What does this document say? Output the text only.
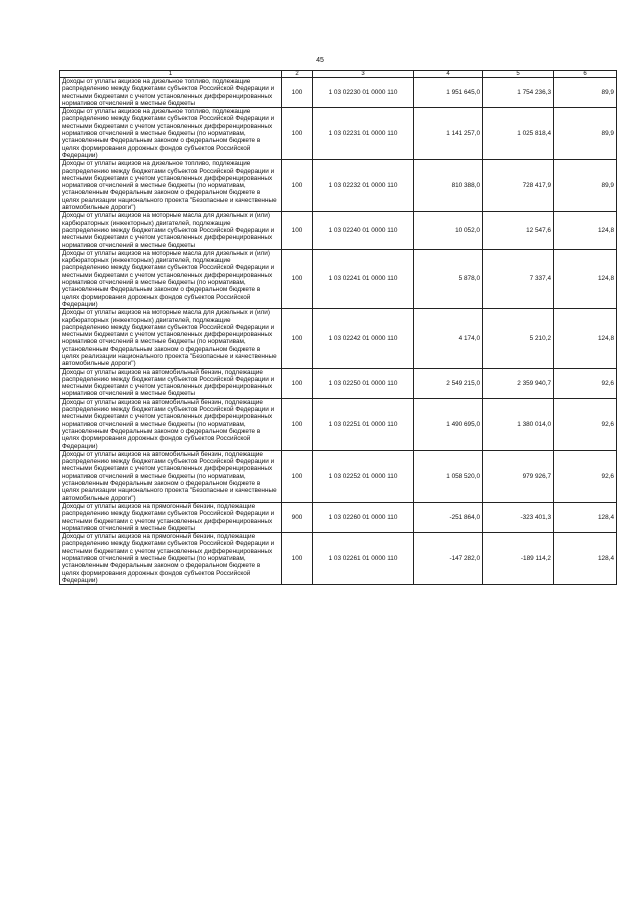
45
1	2	3	4	5	6
Доходы от уплаты акцизов на дизельное топливо, подлежащие распределению между бюджетами субъектов Российской Федерации и местными бюджетами с учетом установленных дифференцированных нормативов отчислений в местные бюджеты	100	1 03 02230 01 0000 110	1 951 645,0	1 754 236,3	89,9
Доходы от уплаты акцизов на дизельное топливо, подлежащие распределению между бюджетами субъектов Российской Федерации и местными бюджетами с учетом установленных дифференцированных нормативов отчислений в местные бюджеты (по нормативам, установленным Федеральным законом о федеральном бюджете в целях формирования дорожных фондов субъектов Российской Федерации)	100	1 03 02231 01 0000 110	1 141 257,0	1 025 818,4	89,9
Доходы от уплаты акцизов на дизельное топливо, подлежащие распределению между бюджетами субъектов Российской Федерации и местными бюджетами с учетом установленных дифференцированных нормативов отчислений в местные бюджеты (по нормативам, установленным Федеральным законом о федеральном бюджете в целях реализации национального проекта "Безопасные и качественные автомобильные дороги")	100	1 03 02232 01 0000 110	810 388,0	728 417,9	89,9
Доходы от уплаты акцизов на моторные масла для дизельных и (или) карбюраторных (инжекторных) двигателей, подлежащие распределению между бюджетами субъектов Российской Федерации и местными бюджетами с учетом установленных дифференцированных нормативов отчислений в местные бюджеты	100	1 03 02240 01 0000 110	10 052,0	12 547,6	124,8
Доходы от уплаты акцизов на моторные масла для дизельных и (или) карбюраторных (инжекторных) двигателей, подлежащие распределению между бюджетами субъектов Российской Федерации и местными бюджетами с учетом установленных дифференцированных нормативов отчислений в местные бюджеты (по нормативам, установленным Федеральным законом о федеральном бюджете в целях формирования дорожных фондов субъектов Российской Федерации)	100	1 03 02241 01 0000 110	5 878,0	7 337,4	124,8
Доходы от уплаты акцизов на моторные масла для дизельных и (или) карбюраторных (инжекторных) двигателей, подлежащие распределению между бюджетами субъектов Российской Федерации и местными бюджетами с учетом установленных дифференцированных нормативов отчислений в местные бюджеты (по нормативам, установленным Федеральным законом о федеральном бюджете в целях реализации национального проекта "Безопасные и качественные автомобильные дороги")	100	1 03 02242 01 0000 110	4 174,0	5 210,2	124,8
Доходы от уплаты акцизов на автомобильный бензин, подлежащие распределению между бюджетами субъектов Российской Федерации и местными бюджетами с учетом установленных дифференцированных нормативов отчислений в местные бюджеты	100	1 03 02250 01 0000 110	2 549 215,0	2 359 940,7	92,6
Доходы от уплаты акцизов на автомобильный бензин, подлежащие распределению между бюджетами субъектов Российской Федерации и местными бюджетами с учетом установленных дифференцированных нормативов отчислений в местные бюджеты (по нормативам, установленным Федеральным законом о федеральном бюджете в целях формирования дорожных фондов субъектов Российской Федерации)	100	1 03 02251 01 0000 110	1 490 695,0	1 380 014,0	92,6
Доходы от уплаты акцизов на автомобильный бензин, подлежащие распределению между бюджетами субъектов Российской Федерации и местными бюджетами с учетом установленных дифференцированных нормативов отчислений в местные бюджеты (по нормативам, установленным Федеральным законом о федеральном бюджете в целях реализации национального проекта "Безопасные и качественные автомобильные дороги")	100	1 03 02252 01 0000 110	1 058 520,0	979 926,7	92,6
Доходы от уплаты акцизов на прямогонный бензин, подлежащие распределению между бюджетами субъектов Российской Федерации и местными бюджетами с учетом установленных дифференцированных нормативов отчислений в местные бюджеты	900	1 03 02260 01 0000 110	-251 864,0	-323 401,3	128,4
Доходы от уплаты акцизов на прямогонный бензин, подлежащие распределению между бюджетами субъектов Российской Федерации и местными бюджетами с учетом установленных дифференцированных нормативов отчислений в местные бюджеты (по нормативам, установленным Федеральным законом о федеральном бюджете в целях формирования дорожных фондов субъектов Российской Федерации)	100	1 03 02261 01 0000 110	-147 282,0	-189 114,2	128,4
